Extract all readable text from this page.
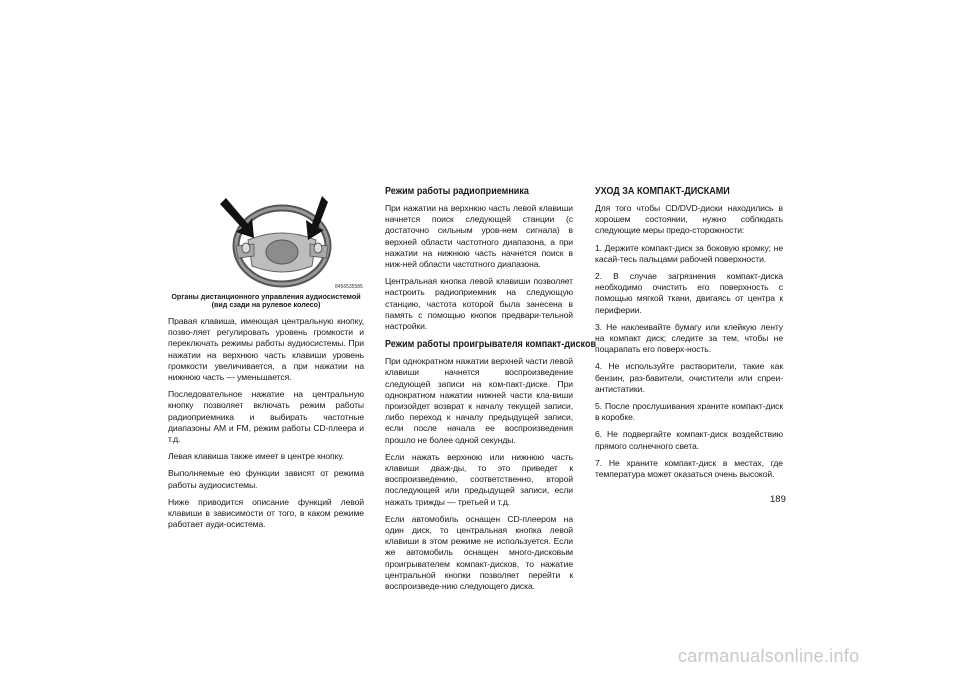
8456535585
Органы дистанционного управления аудиосистемой
(вид сзади на рулевое колесо)

Правая клавиша, имеющая центральную кнопку, позво-ляет регулировать уровень громкости и переключать режимы работы аудиосистемы. При нажатии на верхнюю часть клавиши уровень громкости увеличивается, а при нажатии на нижнюю часть — уменьшается.

Последовательное нажатие на центральную кнопку позволяет включать режим работы радиоприемника и выбирать частотные диапазоны AM и FM, режим работы CD-плеера и т.д.

Левая клавиша также имеет в центре кнопку.

Выполняемые ею функции зависят от режима работы аудиосистемы.

Ниже приводится описание функций левой клавиши в зависимости от того, в каком режиме работает ауди-осистема.

Режим работы радиоприемника

При нажатии на верхнюю часть левой клавиши начнется поиск следующей станции (с достаточно сильным уров-нем сигнала) в верхней области частотного диапазона, а при нажатии на нижнюю часть начнется поиск в ниж-ней области частотного диапазона.

Центральная кнопка левой клавиши позволяет настроить радиоприемник на следующую станцию, частота которой была занесена в память с помощью кнопок предвари-тельной настройки.

Режим работы проигрывателя компакт-дисков

При однократном нажатии верхней части левой клавиши начнется воспроизведение следующей записи на ком-пакт-диске. При однократном нажатии нижней части кла-виши произойдет возврат к началу текущей записи, либо переход к началу предыдущей записи, если после начала ее воспроизведения прошло не более одной секунды.

Если нажать верхнюю или нижнюю часть клавиши дваж-ды, то это приведет к воспроизведению, соответственно, второй последующей или предыдущей записи, если нажать трижды — третьей и т.д.

Если автомобиль оснащен CD-плеером на один диск, то центральная кнопка левой клавиши в этом режиме не используется. Если же автомобиль оснащен много-дисковым проигрывателем компакт-дисков, то нажатие центральной кнопки позволяет перейти к воспроизведе-нию следующего диска.

УХОД ЗА КОМПАКТ-ДИСКАМИ

Для того чтобы CD/DVD-диски находились в хорошем состоянии, нужно соблюдать следующие меры предо-сторожности:

1. Держите компакт-диск за боковую кромку; не касай-тесь пальцами рабочей поверхности.

2. В случае загрязнения компакт-диска необходимо очистить его поверхность с помощью мягкой ткани, двигаясь от центра к периферии.

3. Не наклеивайте бумагу или клейкую ленту на компакт диск; следите за тем, чтобы не поцарапать его поверх-ность.

4. Не используйте растворители, такие как бензин, раз-бавители, очистители или спреи-антистатики.

5. После прослушивания храните компакт-диск в коробке.

6. Не подвергайте компакт-диск воздействию прямого солнечного света.

7. Не храните компакт-диск в местах, где температура может оказаться очень высокой.

189
carmanualsonline.info
